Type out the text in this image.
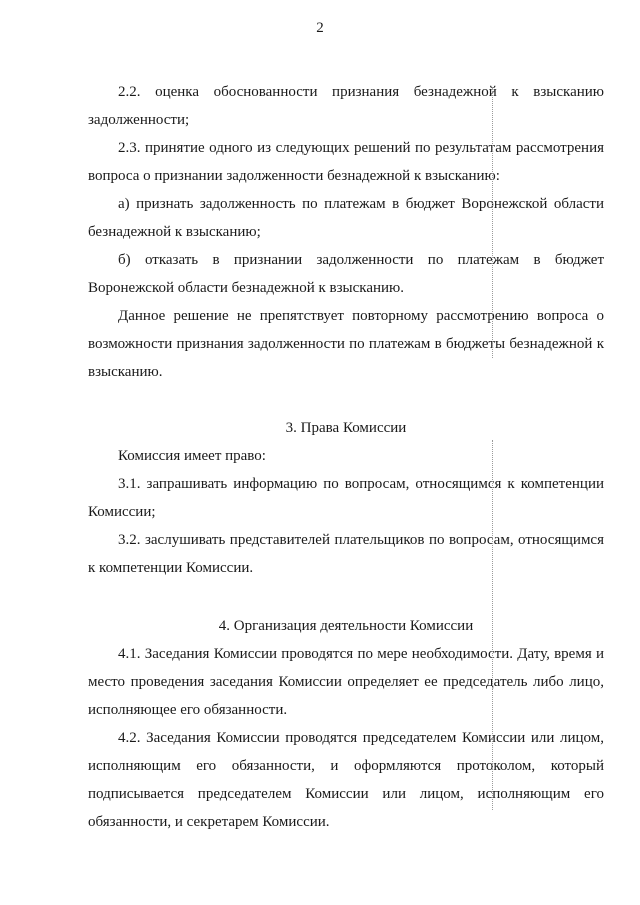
2

2.2. оценка обоснованности признания безнадежной к взысканию задолженности;

2.3. принятие одного из следующих решений по результатам рассмотрения вопроса о признании задолженности безнадежной к взысканию:

а) признать задолженность по платежам в бюджет Воронежской области безнадежной к взысканию;

б) отказать в признании задолженности по платежам в бюджет Воронежской области безнадежной к взысканию.

Данное решение не препятствует повторному рассмотрению вопроса о возможности признания задолженности по платежам в бюджеты безнадежной к взысканию.

3. Права Комиссии

Комиссия имеет право:

3.1. запрашивать информацию по вопросам, относящимся к компетенции Комиссии;

3.2. заслушивать представителей плательщиков по вопросам, относящимся к компетенции Комиссии.

4. Организация деятельности Комиссии

4.1. Заседания Комиссии проводятся по мере необходимости. Дату, время и место проведения заседания Комиссии определяет ее председатель либо лицо, исполняющее его обязанности.

4.2. Заседания Комиссии проводятся председателем Комиссии или лицом, исполняющим его обязанности, и оформляются протоколом, который подписывается председателем Комиссии или лицом, исполняющим его обязанности, и секретарем Комиссии.
